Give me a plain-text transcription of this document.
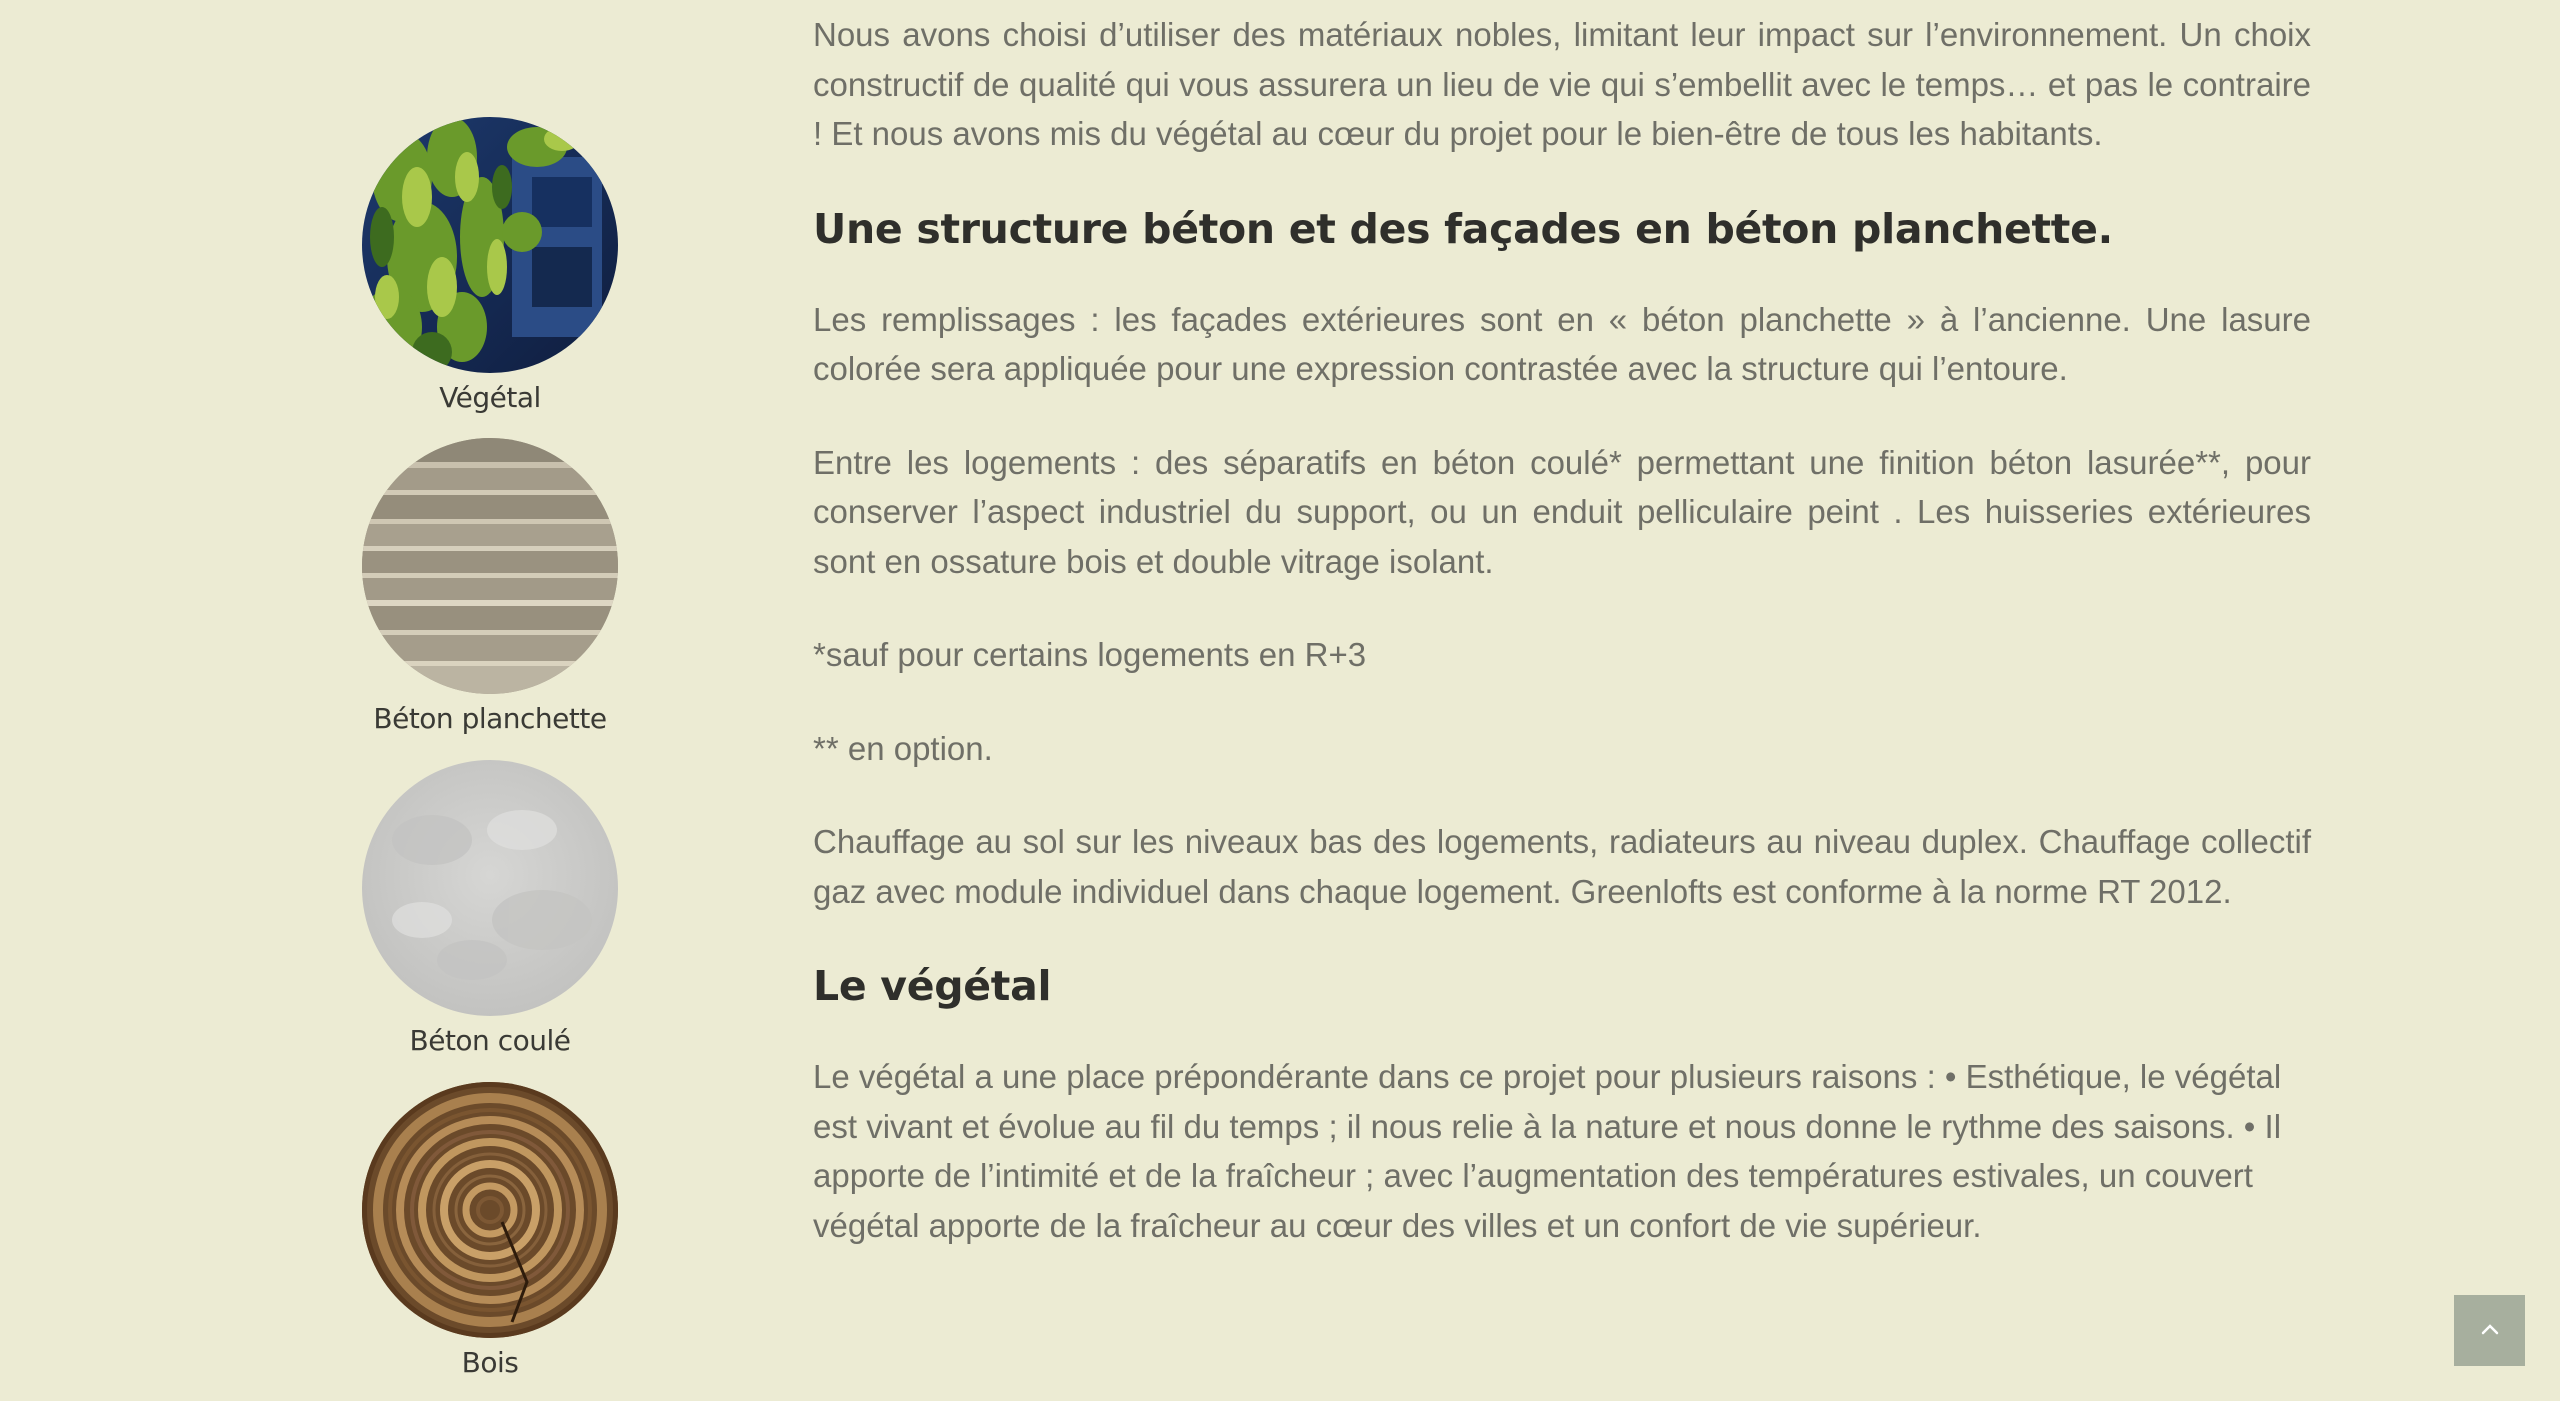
Végétal
Béton planchette
Béton coulé
Bois

Nous avons choisi d’utiliser des matériaux nobles, limitant leur impact sur l’environnement. Un choix constructif de qualité qui vous assurera un lieu de vie qui s’embellit avec le temps… et pas le contraire ! Et nous avons mis du végétal au cœur du projet pour le bien-être de tous les habitants.

Une structure béton et des façades en béton planchette.

Les remplissages : les façades extérieures sont en « béton planchette » à l’ancienne. Une lasure colorée sera appliquée pour une expression contrastée avec la structure qui l’entoure.

Entre les logements : des séparatifs en béton coulé* permettant une finition béton lasurée**, pour conserver l’aspect industriel du support, ou un enduit pelliculaire peint . Les huisseries extérieures sont en ossature bois et double vitrage isolant.

*sauf pour certains logements en R+3

** en option.

Chauffage au sol sur les niveaux bas des logements, radiateurs au niveau duplex. Chauffage collectif gaz avec module individuel dans chaque logement. Greenlofts est conforme à la norme RT 2012.

Le végétal

Le végétal a une place prépondérante dans ce projet pour plusieurs raisons : • Esthétique, le végétal est vivant et évolue au fil du temps ; il nous relie à la nature et nous donne le rythme des saisons. • Il apporte de l’intimité et de la fraîcheur ; avec l’augmentation des températures estivales, un couvert végétal apporte de la fraîcheur au cœur des villes et un confort de vie supérieur.
